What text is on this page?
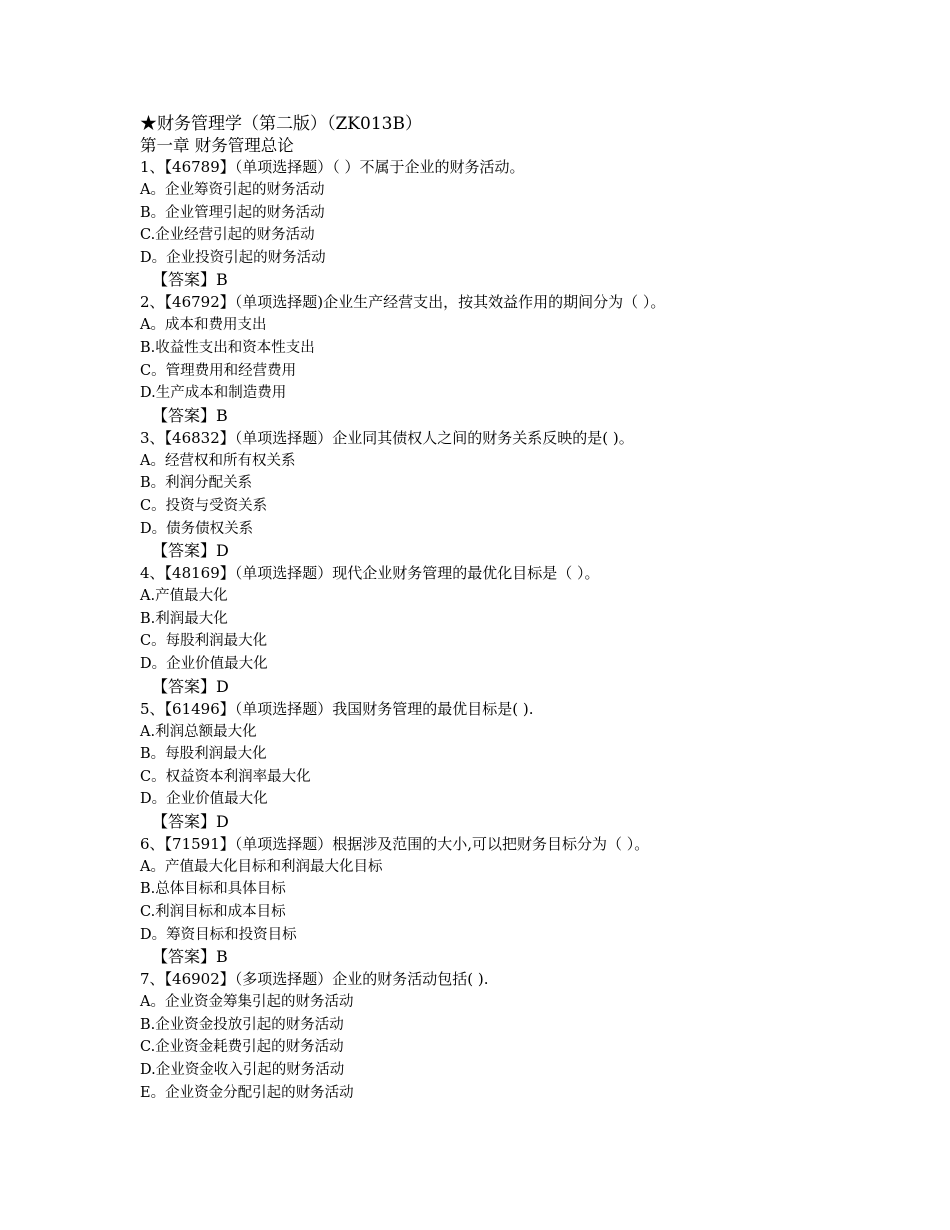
★财务管理学（第二版）（ZK013B）
第一章 财务管理总论
1、【46789】（单项选择题）（ ）不属于企业的财务活动。
A。企业筹资引起的财务活动
B。企业管理引起的财务活动
C.企业经营引起的财务活动
D。企业投资引起的财务活动
【答案】B
2、【46792】（单项选择题)企业生产经营支出，按其效益作用的期间分为（ ）。
A。成本和费用支出
B.收益性支出和资本性支出
C。管理费用和经营费用
D.生产成本和制造费用
【答案】B
3、【46832】（单项选择题）企业同其债权人之间的财务关系反映的是( )。
A。经营权和所有权关系
B。利润分配关系
C。投资与受资关系
D。债务债权关系
【答案】D
4、【48169】（单项选择题）现代企业财务管理的最优化目标是（ ）。
A.产值最大化
B.利润最大化
C。每股利润最大化
D。企业价值最大化
【答案】D
5、【61496】（单项选择题）我国财务管理的最优目标是( ).
A.利润总额最大化
B。每股利润最大化
C。权益资本利润率最大化
D。企业价值最大化
【答案】D
6、【71591】（单项选择题）根据涉及范围的大小,可以把财务目标分为（ ）。
A。产值最大化目标和利润最大化目标
B.总体目标和具体目标
C.利润目标和成本目标
D。筹资目标和投资目标
【答案】B
7、【46902】（多项选择题）企业的财务活动包括( ).
A。企业资金筹集引起的财务活动
B.企业资金投放引起的财务活动
C.企业资金耗费引起的财务活动
D.企业资金收入引起的财务活动
E。企业资金分配引起的财务活动
